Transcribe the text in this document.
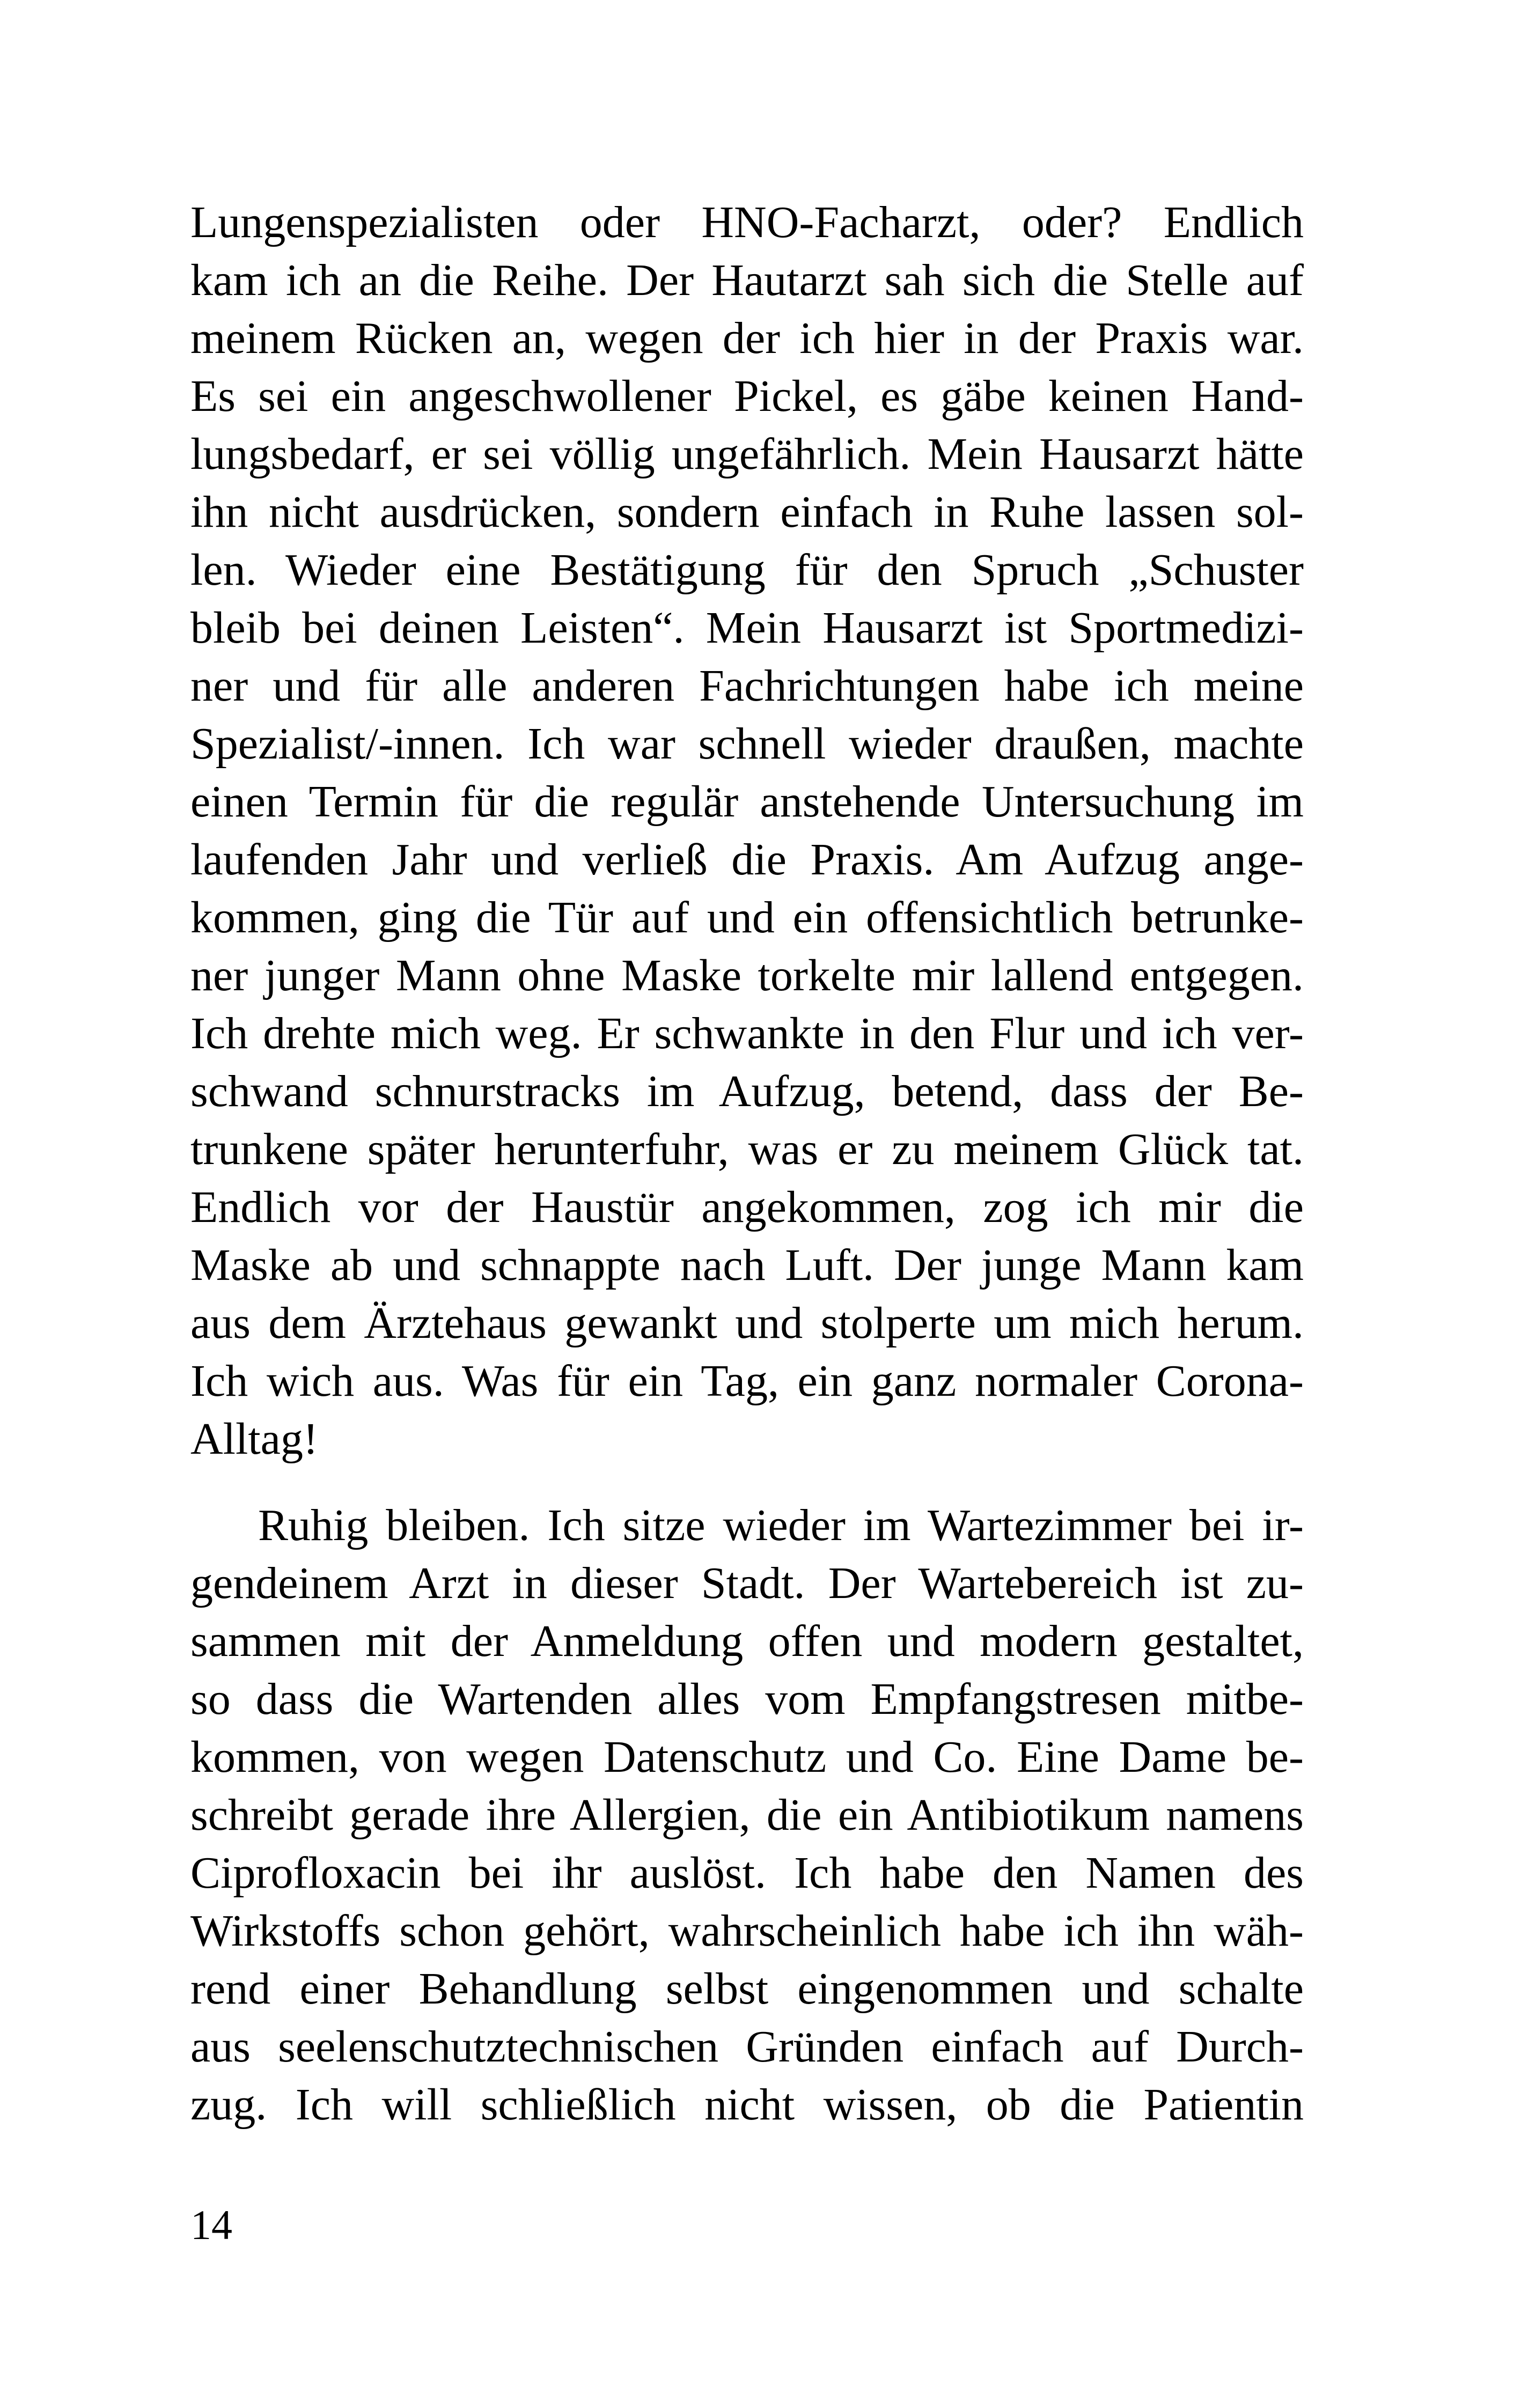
Lungenspezialisten oder HNO-Facharzt, oder? Endlich
kam ich an die Reihe. Der Hautarzt sah sich die Stelle auf
meinem Rücken an, wegen der ich hier in der Praxis war.
Es sei ein angeschwollener Pickel, es gäbe keinen Hand-
lungsbedarf, er sei völlig ungefährlich. Mein Hausarzt hätte
ihn nicht ausdrücken, sondern einfach in Ruhe lassen sol-
len. Wieder eine Bestätigung für den Spruch „Schuster
bleib bei deinen Leisten“. Mein Hausarzt ist Sportmedizi-
ner und für alle anderen Fachrichtungen habe ich meine
Spezialist/-innen. Ich war schnell wieder draußen, machte
einen Termin für die regulär anstehende Untersuchung im
laufenden Jahr und verließ die Praxis. Am Aufzug ange-
kommen, ging die Tür auf und ein offensichtlich betrunke-
ner junger Mann ohne Maske torkelte mir lallend entgegen.
Ich drehte mich weg. Er schwankte in den Flur und ich ver-
schwand schnurstracks im Aufzug, betend, dass der Be-
trunkene später herunterfuhr, was er zu meinem Glück tat.
Endlich vor der Haustür angekommen, zog ich mir die
Maske ab und schnappte nach Luft. Der junge Mann kam
aus dem Ärztehaus gewankt und stolperte um mich herum.
Ich wich aus. Was für ein Tag, ein ganz normaler Corona-
Alltag!
Ruhig bleiben. Ich sitze wieder im Wartezimmer bei ir-
gendeinem Arzt in dieser Stadt. Der Wartebereich ist zu-
sammen mit der Anmeldung offen und modern gestaltet,
so dass die Wartenden alles vom Empfangstresen mitbe-
kommen, von wegen Datenschutz und Co. Eine Dame be-
schreibt gerade ihre Allergien, die ein Antibiotikum namens
Ciprofloxacin bei ihr auslöst. Ich habe den Namen des
Wirkstoffs schon gehört, wahrscheinlich habe ich ihn wäh-
rend einer Behandlung selbst eingenommen und schalte
aus seelenschutztechnischen Gründen einfach auf Durch-
zug. Ich will schließlich nicht wissen, ob die Patientin
14
